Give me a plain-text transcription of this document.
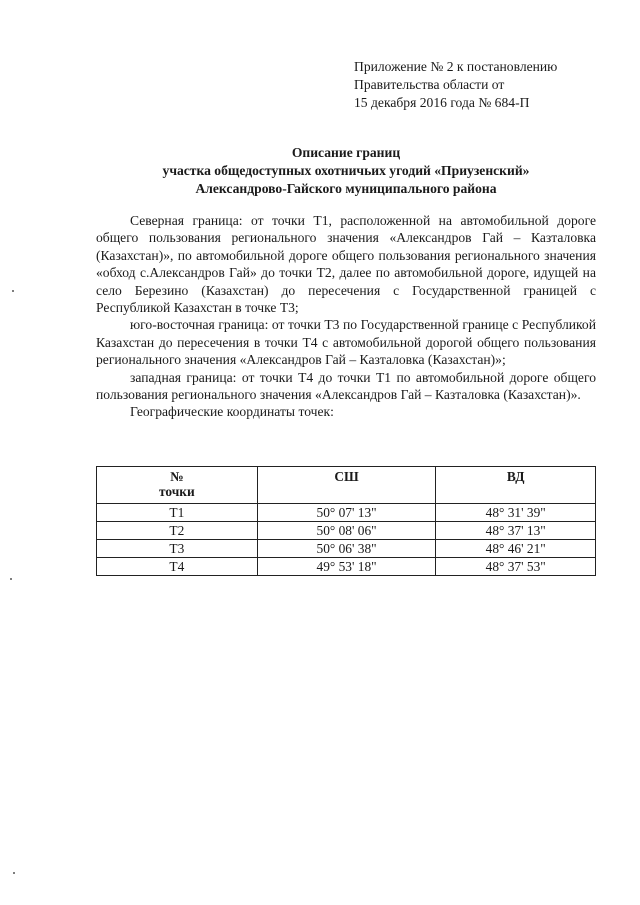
Приложение № 2 к постановлению
Правительства области от
15 декабря 2016 года № 684-П
Описание границ
участка общедоступных охотничьих угодий «Приузенский»
Александрово-Гайского муниципального района

Северная граница: от точки Т1, расположенной на автомобильной дороге общего пользования регионального значения «Александров Гай – Казталовка (Казахстан)», по автомобильной дороге общего пользования регионального значения «обход с.Александров Гай» до точки Т2, далее по автомобильной дороге, идущей на село Березино (Казахстан) до пересечения с Государственной границей с Республикой Казахстан в точке Т3;

юго-восточная граница: от точки Т3 по Государственной границе с Республикой Казахстан до пересечения в точки Т4 с автомобильной дорогой общего пользования регионального значения «Александров Гай – Казталовка (Казахстан)»;

западная граница: от точки Т4 до точки Т1 по автомобильной дороге общего пользования регионального значения «Александров Гай – Казталовка (Казахстан)».

Географические координаты точек:

№
точки	СШ	ВД
Т1	50° 07' 13"	48° 31' 39"
Т2	50° 08' 06"	48° 37' 13"
Т3	50° 06' 38"	48° 46' 21"
Т4	49° 53' 18"	48° 37' 53"
